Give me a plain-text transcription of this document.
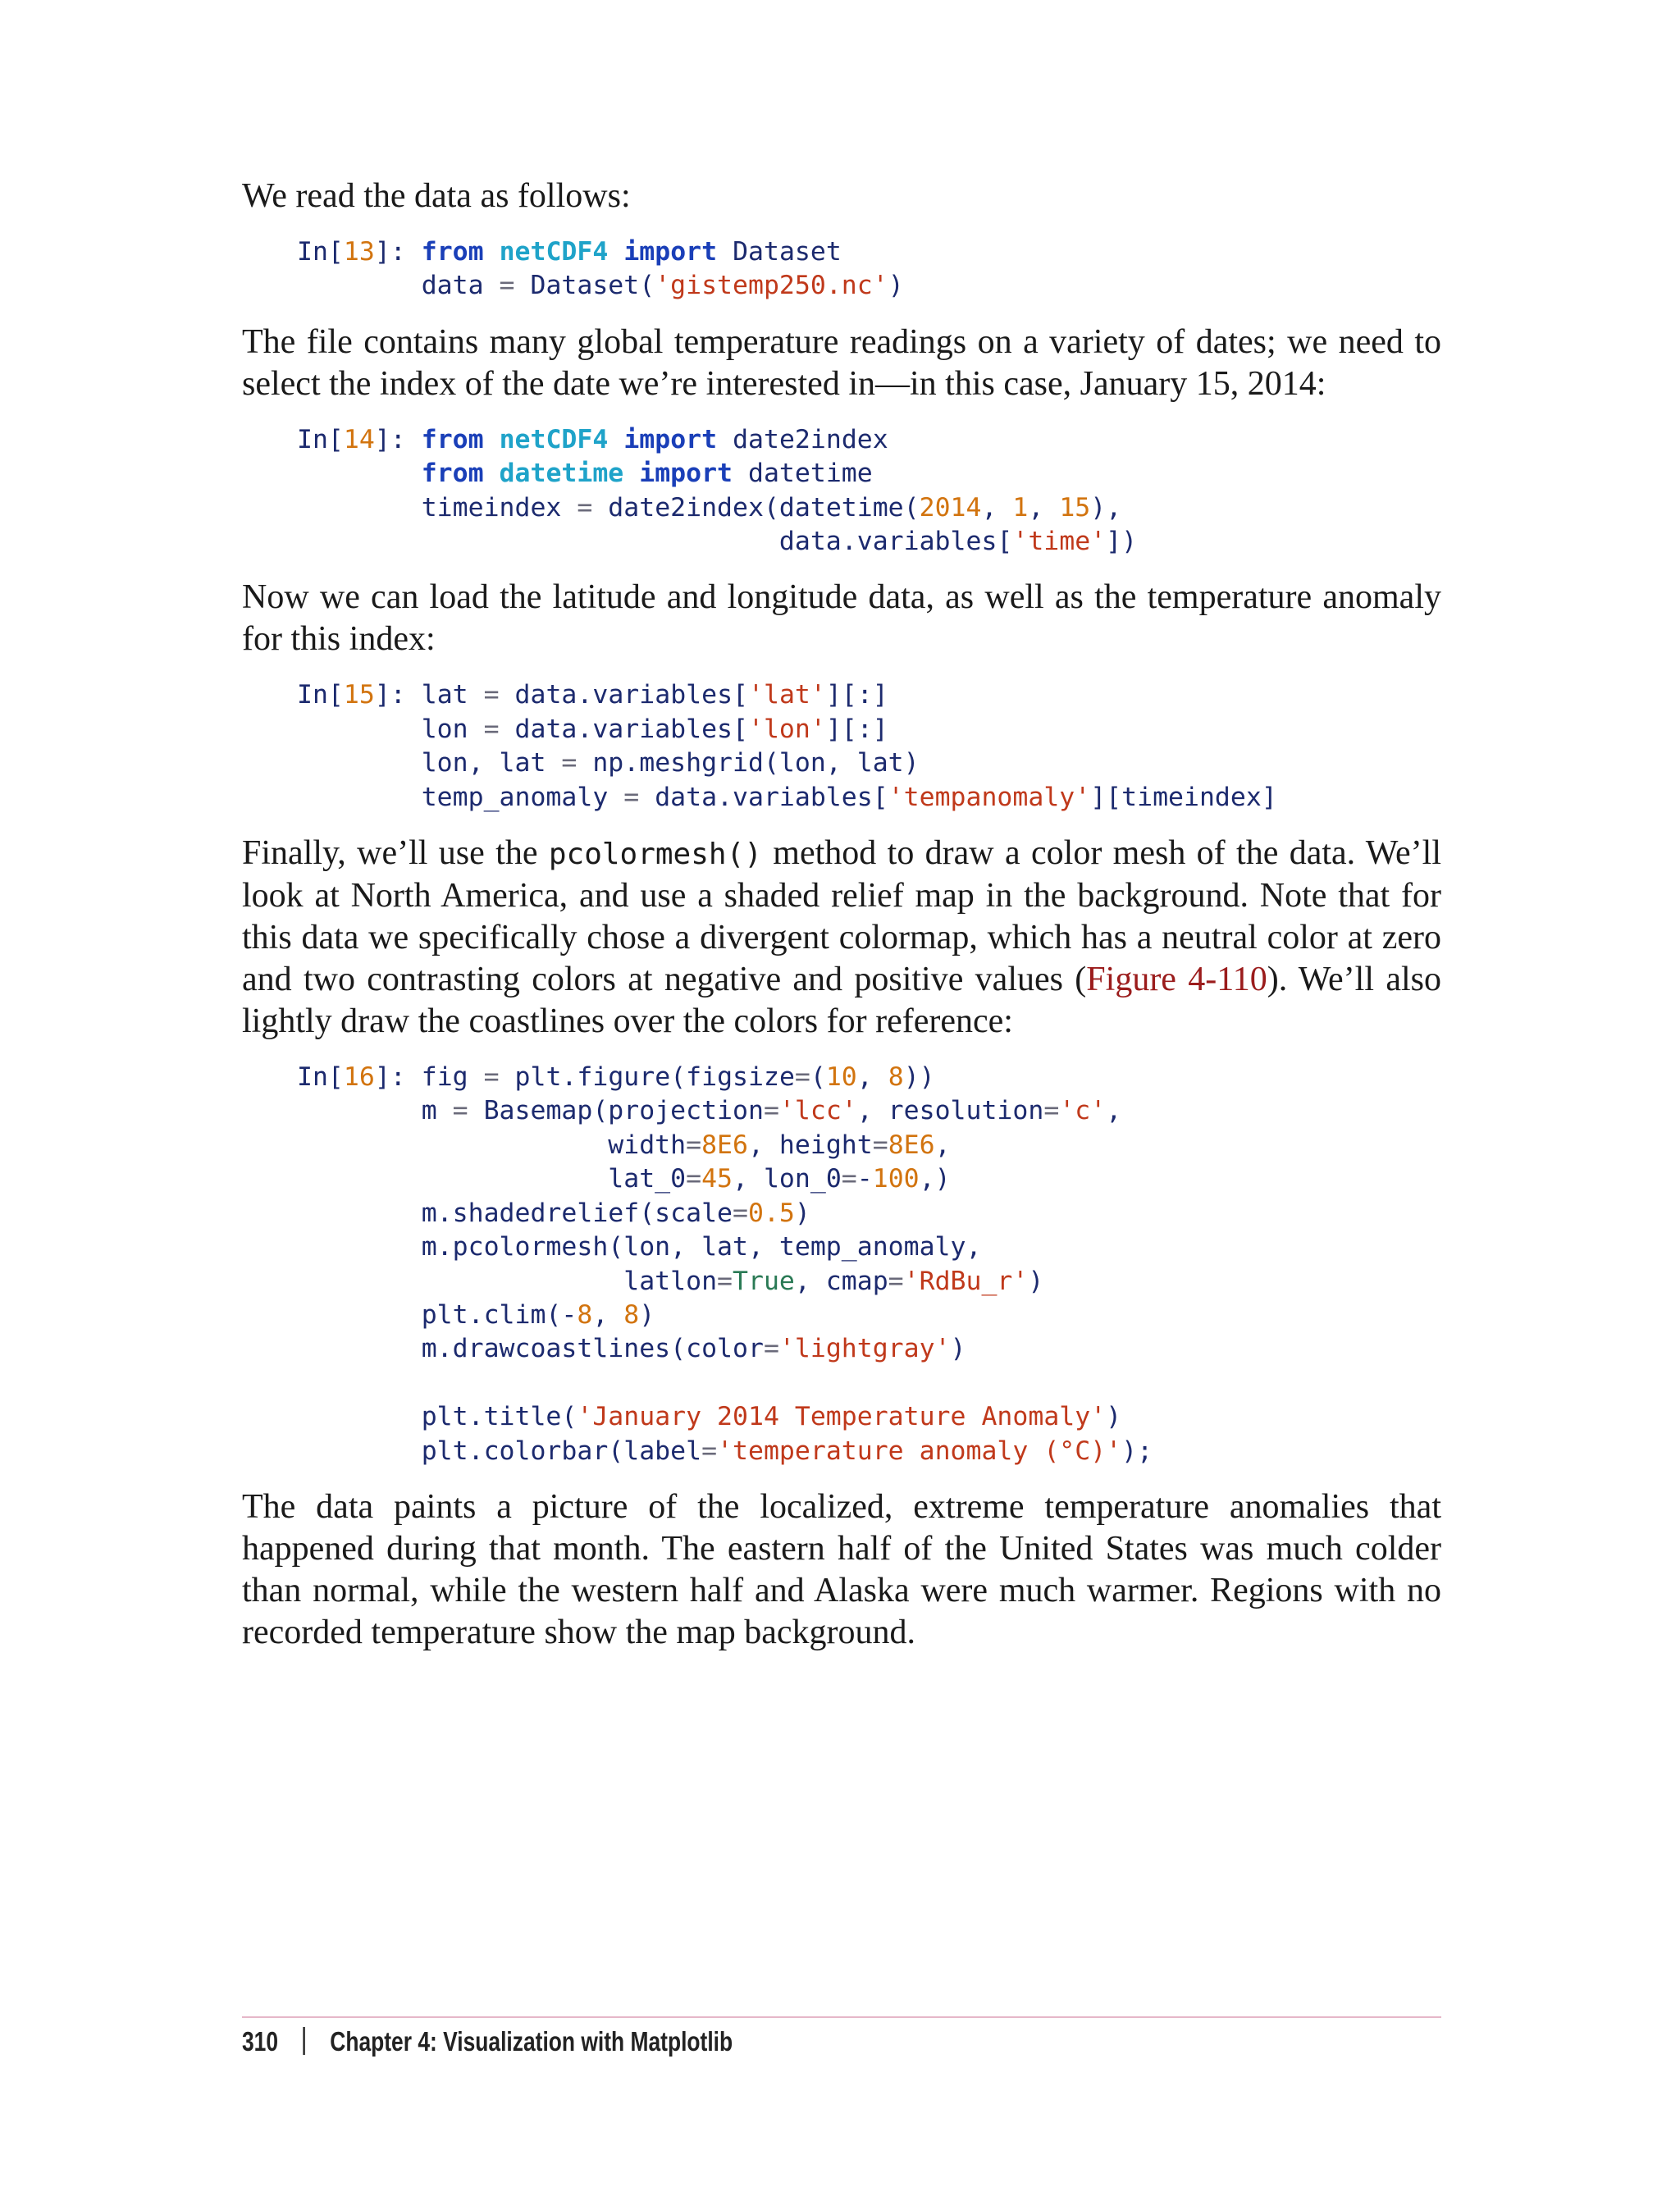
We read the data as follows:

In[13]: from netCDF4 import Dataset
data = Dataset('gistemp250.nc')

The file contains many global temperature readings on a variety of dates; we need to select the index of the date we’re interested in—in this case, January 15, 2014:

In[14]: from netCDF4 import date2index
from datetime import datetime
timeindex = date2index(datetime(2014, 1, 15),
data.variables['time'])

Now we can load the latitude and longitude data, as well as the temperature anomaly for this index:

In[15]: lat = data.variables['lat'][:]
lon = data.variables['lon'][:]
lon, lat = np.meshgrid(lon, lat)
temp_anomaly = data.variables['tempanomaly'][timeindex]

Finally, we’ll use the pcolormesh() method to draw a color mesh of the data. We’ll look at North America, and use a shaded relief map in the background. Note that for this data we specifically chose a divergent colormap, which has a neutral color at zero and two contrasting colors at negative and positive values (Figure 4-110). We’ll also lightly draw the coastlines over the colors for reference:

In[16]: fig = plt.figure(figsize=(10, 8))
m = Basemap(projection='lcc', resolution='c',
width=8E6, height=8E6,
lat_0=45, lon_0=-100,)
m.shadedrelief(scale=0.5)
m.pcolormesh(lon, lat, temp_anomaly,
latlon=True, cmap='RdBu_r')
plt.clim(-8, 8)
m.drawcoastlines(color='lightgray')

plt.title('January 2014 Temperature Anomaly')
plt.colorbar(label='temperature anomaly (°C)');

The data paints a picture of the localized, extreme temperature anomalies that happened during that month. The eastern half of the United States was much colder than normal, while the western half and Alaska were much warmer. Regions with no recorded temperature show the map background.

310 Chapter 4: Visualization with Matplotlib
